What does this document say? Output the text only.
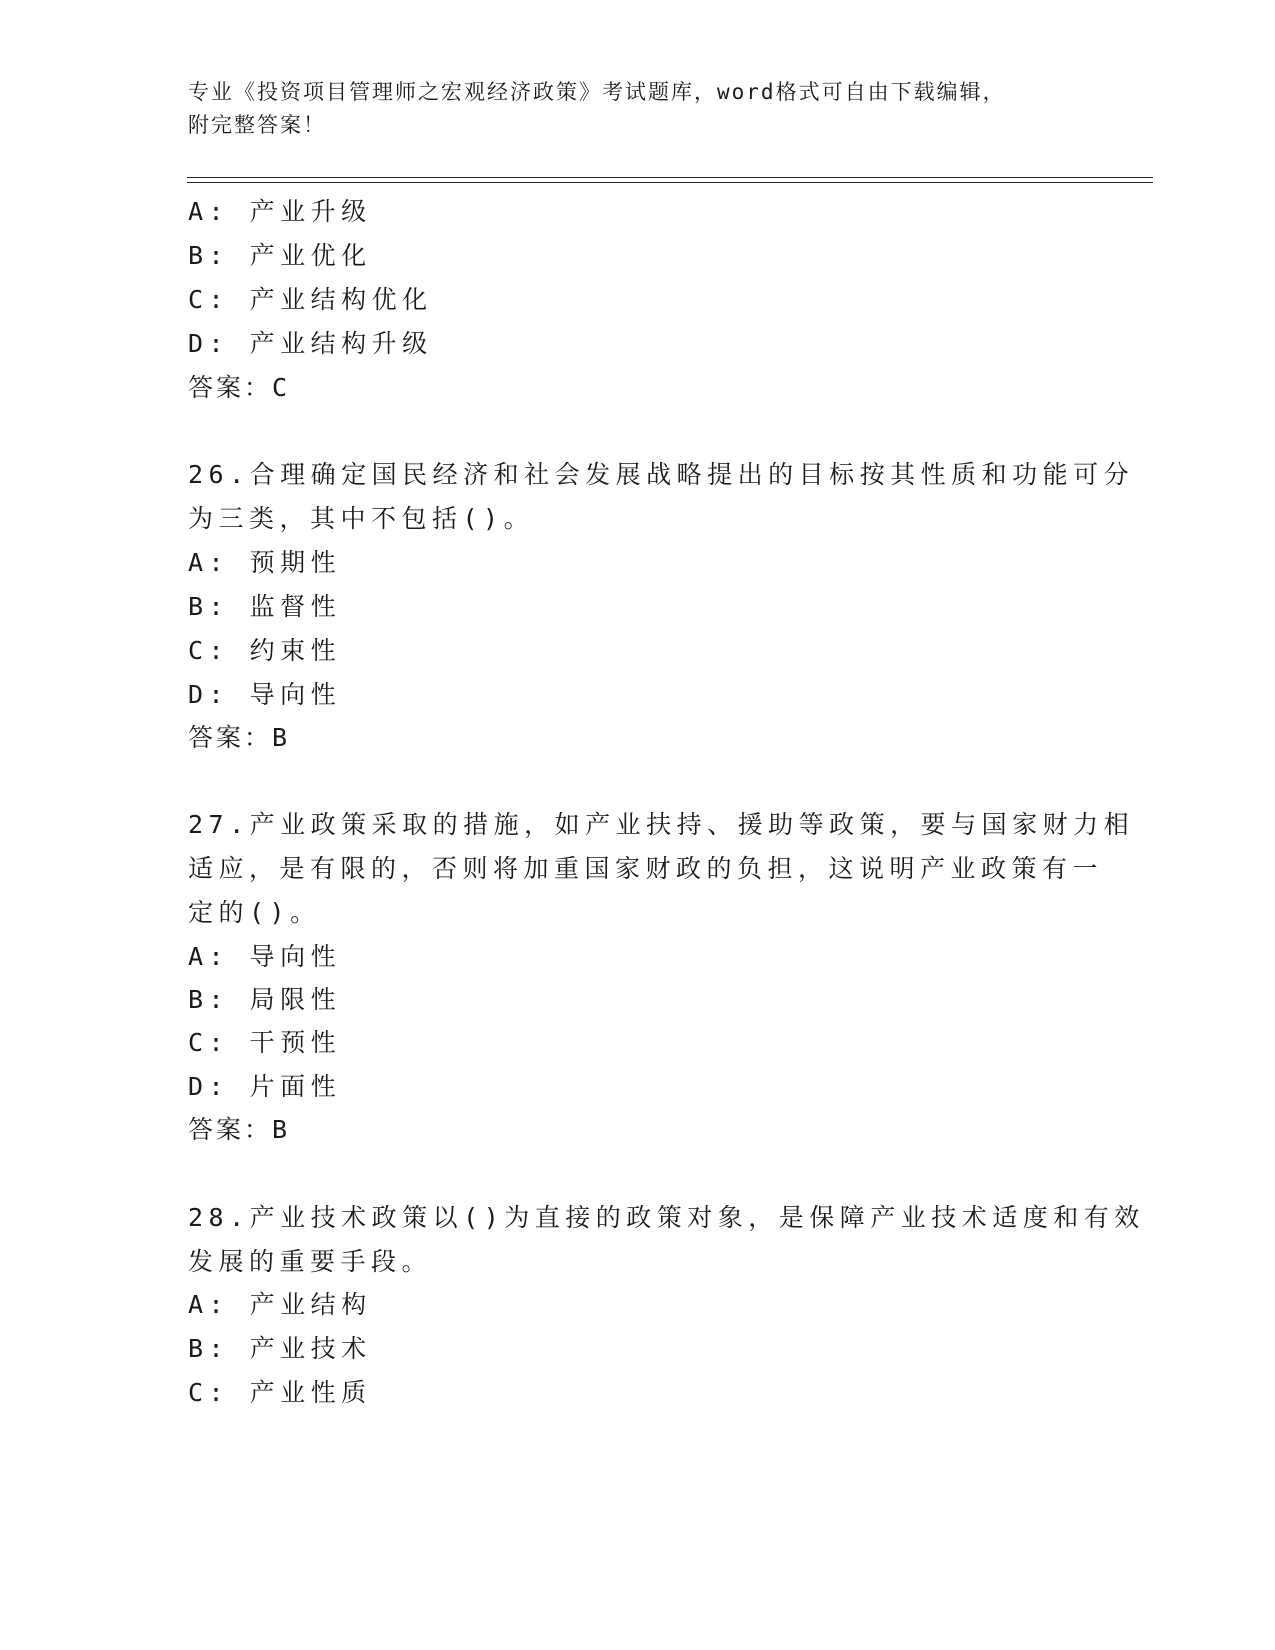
专业《投资项目管理师之宏观经济政策》考试题库，word格式可自由下载编辑，
附完整答案！

A: 产业升级
B: 产业优化
C: 产业结构优化
D: 产业结构升级
答案：C
26.合理确定国民经济和社会发展战略提出的目标按其性质和功能可分
为三类，其中不包括()。
A: 预期性
B: 监督性
C: 约束性
D: 导向性
答案：B
27.产业政策采取的措施，如产业扶持、援助等政策，要与国家财力相
适应，是有限的，否则将加重国家财政的负担，这说明产业政策有一
定的()。
A: 导向性
B: 局限性
C: 干预性
D: 片面性
答案：B
28.产业技术政策以()为直接的政策对象，是保障产业技术适度和有效
发展的重要手段。
A: 产业结构
B: 产业技术
C: 产业性质
